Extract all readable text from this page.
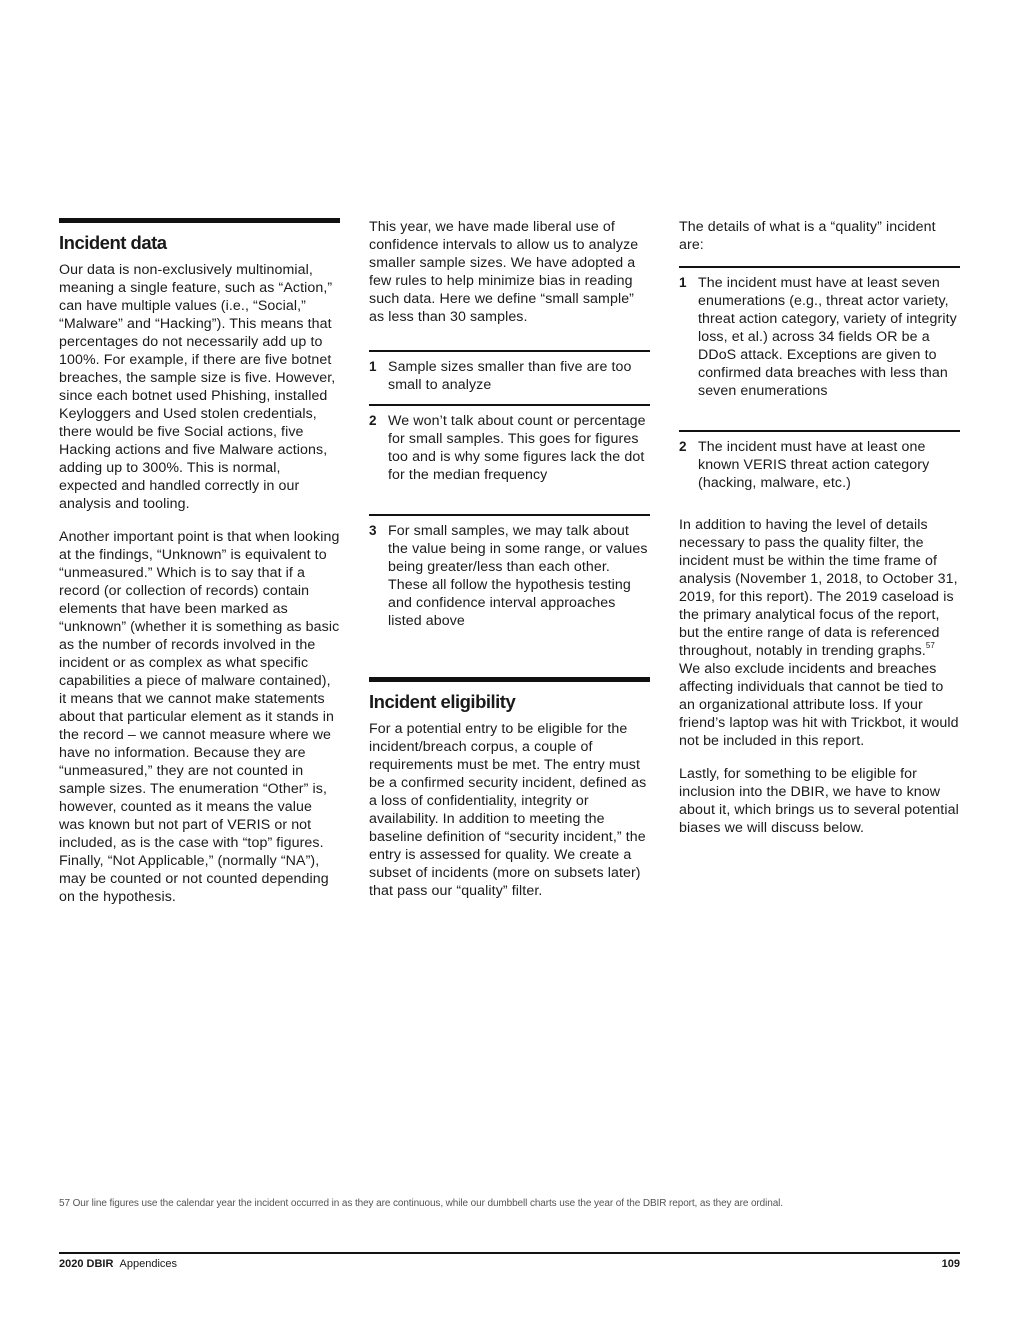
Incident data

Our data is non-exclusively multinomial, meaning a single feature, such as “Action,” can have multiple values (i.e., “Social,” “Malware” and “Hacking”). This means that percentages do not necessarily add up to 100%. For example, if there are five botnet breaches, the sample size is five. However, since each botnet used Phishing, installed Keyloggers and Used stolen credentials, there would be five Social actions, five Hacking actions and five Malware actions, adding up to 300%. This is normal, expected and handled correctly in our analysis and tooling.

Another important point is that when looking at the findings, “Unknown” is equivalent to “unmeasured.” Which is to say that if a record (or collection of records) contain elements that have been marked as “unknown” (whether it is something as basic as the number of records involved in the incident or as complex as what specific capabilities a piece of malware contained), it means that we cannot make statements about that particular element as it stands in the record – we cannot measure where we have no information. Because they are “unmeasured,” they are not counted in sample sizes. The enumeration “Other” is, however, counted as it means the value was known but not part of VERIS or not included, as is the case with “top” figures. Finally, “Not Applicable,” (normally “NA”), may be counted or not counted depending on the hypothesis.

This year, we have made liberal use of confidence intervals to allow us to analyze smaller sample sizes. We have adopted a few rules to help minimize bias in reading such data. Here we define “small sample” as less than 30 samples.

1 Sample sizes smaller than five are too small to analyze

2 We won’t talk about count or percentage for small samples. This goes for figures too and is why some figures lack the dot for the median frequency

3 For small samples, we may talk about the value being in some range, or values being greater/less than each other. These all follow the hypothesis testing and confidence interval approaches listed above

Incident eligibility

For a potential entry to be eligible for the incident/breach corpus, a couple of requirements must be met. The entry must be a confirmed security incident, defined as a loss of confidentiality, integrity or availability. In addition to meeting the baseline definition of “security incident,” the entry is assessed for quality. We create a subset of incidents (more on subsets later) that pass our “quality” filter.

The details of what is a “quality” incident are:

1 The incident must have at least seven enumerations (e.g., threat actor variety, threat action category, variety of integrity loss, et al.) across 34 fields OR be a DDoS attack. Exceptions are given to confirmed data breaches with less than seven enumerations

2 The incident must have at least one known VERIS threat action category (hacking, malware, etc.)

In addition to having the level of details necessary to pass the quality filter, the incident must be within the time frame of analysis (November 1, 2018, to October 31, 2019, for this report). The 2019 caseload is the primary analytical focus of the report, but the entire range of data is referenced throughout, notably in trending graphs.$^{57}$ We also exclude incidents and breaches affecting individuals that cannot be tied to an organizational attribute loss. If your friend’s laptop was hit with Trickbot, it would not be included in this report.

Lastly, for something to be eligible for inclusion into the DBIR, we have to know about it, which brings us to several potential biases we will discuss below.

57 Our line figures use the calendar year the incident occurred in as they are continuous, while our dumbbell charts use the year of the DBIR report, as they are ordinal.
2020 DBIR Appendices	109
